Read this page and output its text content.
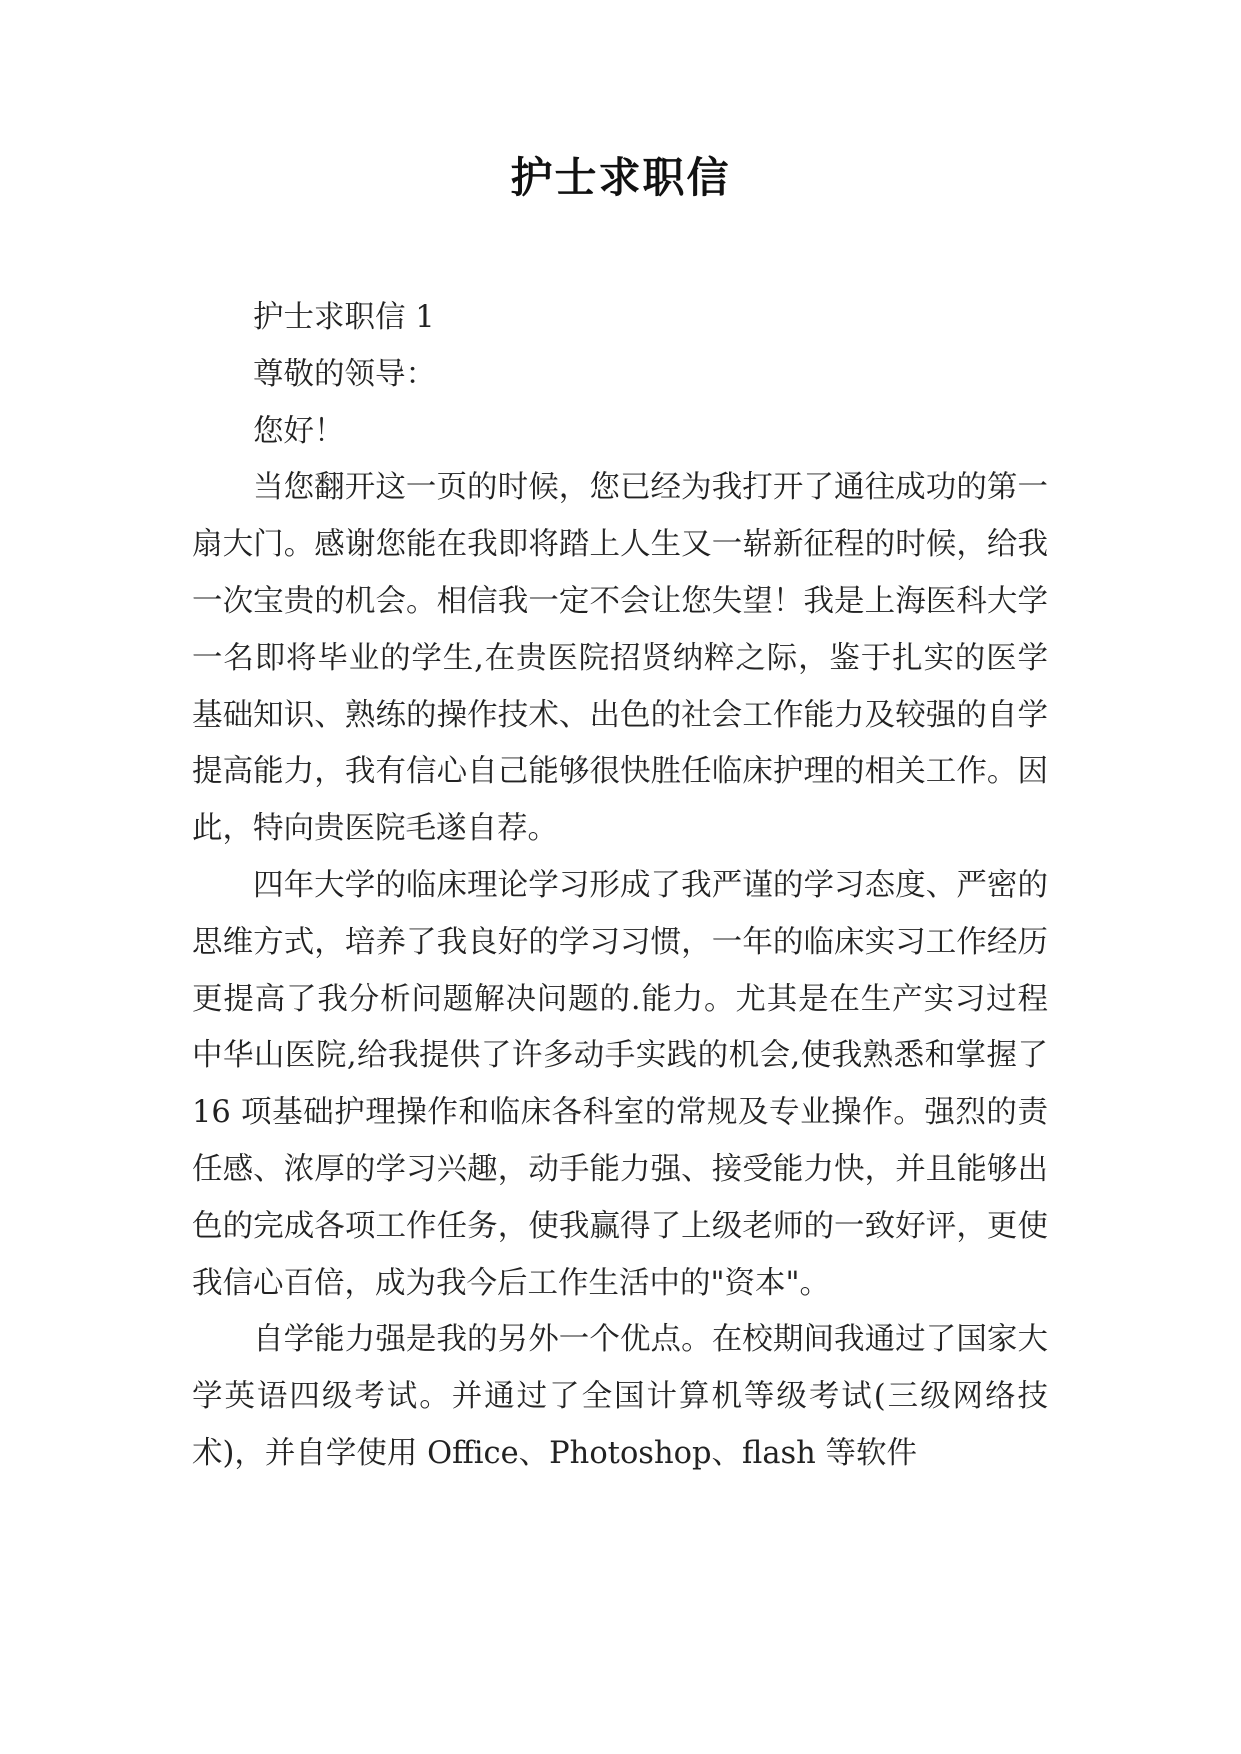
护士求职信

护士求职信 1

尊敬的领导：

您好！

当您翻开这一页的时候，您已经为我打开了通往成功的第一扇大门。感谢您能在我即将踏上人生又一崭新征程的时候，给我一次宝贵的机会。相信我一定不会让您失望！我是上海医科大学一名即将毕业的学生,在贵医院招贤纳粹之际，鉴于扎实的医学基础知识、熟练的操作技术、出色的社会工作能力及较强的自学提高能力，我有信心自己能够很快胜任临床护理的相关工作。因此，特向贵医院毛遂自荐。

四年大学的临床理论学习形成了我严谨的学习态度、严密的思维方式，培养了我良好的学习习惯，一年的临床实习工作经历更提高了我分析问题解决问题的.能力。尤其是在生产实习过程中华山医院,给我提供了许多动手实践的机会,使我熟悉和掌握了 16 项基础护理操作和临床各科室的常规及专业操作。强烈的责任感、浓厚的学习兴趣，动手能力强、接受能力快，并且能够出色的完成各项工作任务，使我赢得了上级老师的一致好评，更使我信心百倍，成为我今后工作生活中的"资本"。

自学能力强是我的另外一个优点。在校期间我通过了国家大学英语四级考试。并通过了全国计算机等级考试(三级网络技术)，并自学使用 Office、Photoshop、flash 等软件
